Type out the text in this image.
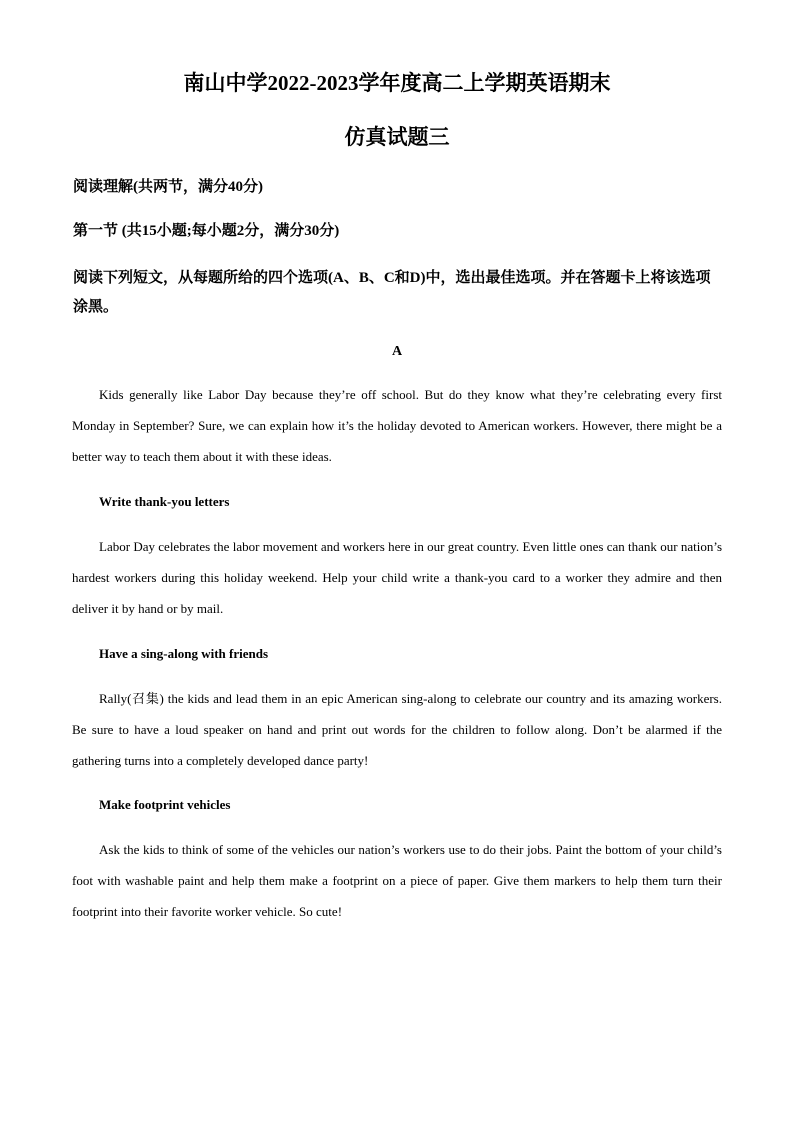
南山中学2022-2023学年度高二上学期英语期末
仿真试题三
阅读理解(共两节，满分40分)
第一节 (共15小题;每小题2分，满分30分)
阅读下列短文，从每题所给的四个选项(A、B、C和D)中，选出最佳选项。并在答题卡上将该选项涂黑。
A
Kids generally like Labor Day because they’re off school. But do they know what they’re celebrating every first Monday in September? Sure, we can explain how it’s the holiday devoted to American workers. However, there might be a better way to teach them about it with these ideas.
Write thank-you letters
Labor Day celebrates the labor movement and workers here in our great country. Even little ones can thank our nation’s hardest workers during this holiday weekend. Help your child write a thank-you card to a worker they admire and then deliver it by hand or by mail.
Have a sing-along with friends
Rally(召集) the kids and lead them in an epic American sing-along to celebrate our country and its amazing workers. Be sure to have a loud speaker on hand and print out words for the children to follow along. Don’t be alarmed if the gathering turns into a completely developed dance party!
Make footprint vehicles
Ask the kids to think of some of the vehicles our nation’s workers use to do their jobs. Paint the bottom of your child’s foot with washable paint and help them make a footprint on a piece of paper. Give them markers to help them turn their footprint into their favorite worker vehicle. So cute!
